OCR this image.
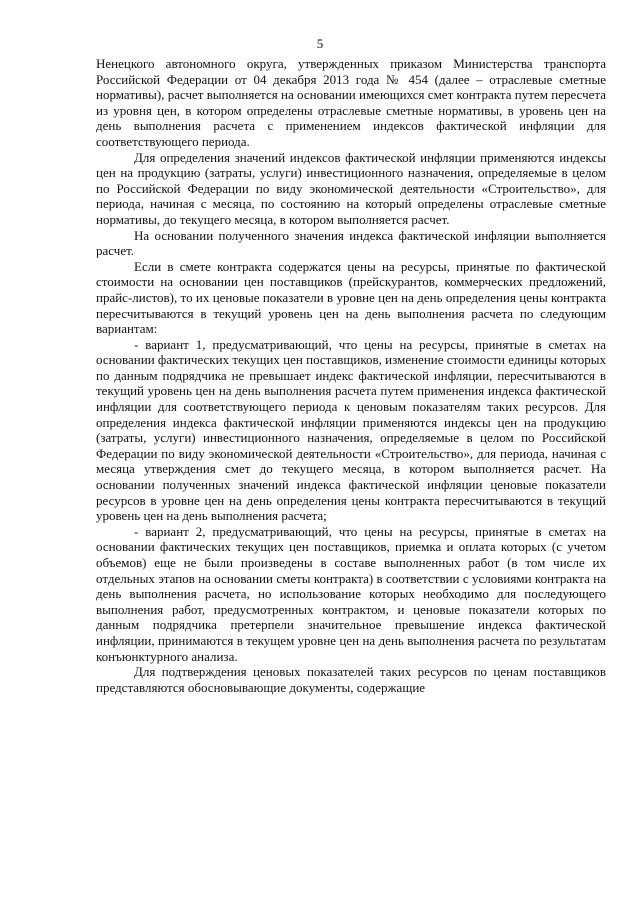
5

Ненецкого автономного округа, утвержденных приказом Министерства транспорта Российской Федерации от 04 декабря 2013 года № 454 (далее – отраслевые сметные нормативы), расчет выполняется на основании имеющихся смет контракта путем пересчета из уровня цен, в котором определены отраслевые сметные нормативы, в уровень цен на день выполнения расчета с применением индексов фактической инфляции для соответствующего периода.

Для определения значений индексов фактической инфляции применяются индексы цен на продукцию (затраты, услуги) инвестиционного назначения, определяемые в целом по Российской Федерации по виду экономической деятельности «Строительство», для периода, начиная с месяца, по состоянию на который определены отраслевые сметные нормативы, до текущего месяца, в котором выполняется расчет.

На основании полученного значения индекса фактической инфляции выполняется расчет.

Если в смете контракта содержатся цены на ресурсы, принятые по фактической стоимости на основании цен поставщиков (прейскурантов, коммерческих предложений, прайс-листов), то их ценовые показатели в уровне цен на день определения цены контракта пересчитываются в текущий уровень цен на день выполнения расчета по следующим вариантам:

- вариант 1, предусматривающий, что цены на ресурсы, принятые в сметах на основании фактических текущих цен поставщиков, изменение стоимости единицы которых по данным подрядчика не превышает индекс фактической инфляции, пересчитываются в текущий уровень цен на день выполнения расчета путем применения индекса фактической инфляции для соответствующего периода к ценовым показателям таких ресурсов. Для определения индекса фактической инфляции применяются индексы цен на продукцию (затраты, услуги) инвестиционного назначения, определяемые в целом по Российской Федерации по виду экономической деятельности «Строительство», для периода, начиная с месяца утверждения смет до текущего месяца, в котором выполняется расчет. На основании полученных значений индекса фактической инфляции ценовые показатели ресурсов в уровне цен на день определения цены контракта пересчитываются в текущий уровень цен на день выполнения расчета;

- вариант 2, предусматривающий, что цены на ресурсы, принятые в сметах на основании фактических текущих цен поставщиков, приемка и оплата которых (с учетом объемов) еще не были произведены в составе выполненных работ (в том числе их отдельных этапов на основании сметы контракта) в соответствии с условиями контракта на день выполнения расчета, но использование которых необходимо для последующего выполнения работ, предусмотренных контрактом, и ценовые показатели которых по данным подрядчика претерпели значительное превышение индекса фактической инфляции, принимаются в текущем уровне цен на день выполнения расчета по результатам конъюнктурного анализа.

Для подтверждения ценовых показателей таких ресурсов по ценам поставщиков представляются обосновывающие документы, содержащие
